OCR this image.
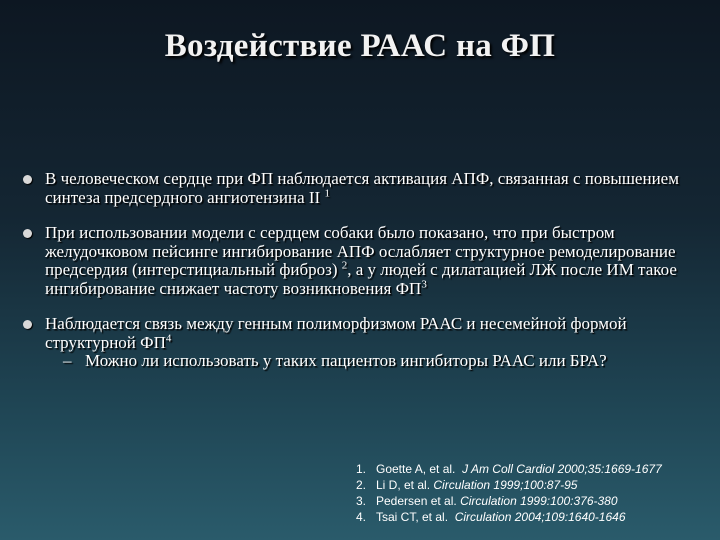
Воздействие РААС на ФП
В человеческом сердце при ФП наблюдается активация АПФ, связанная с повышением синтеза предсердного ангиотензина II $^1$
При использовании модели с сердцем собаки было показано, что при быстром желудочковом пейсинге ингибирование АПФ ослабляет структурное ремоделирование предсердия (интерстициальный фиброз) $^2$, а у людей с дилатацией ЛЖ после ИМ такое ингибирование снижает частоту возникновения $ФП^3$
Наблюдается связь между генным полиморфизмом РААС и несемейной формой структурной $ФП^4$
– Можно ли использовать у таких пациентов ингибиторы РААС или БРА?
1. Goette A, et al. J Am Coll Cardiol 2000;35:1669-1677
2. Li D, et al. Circulation 1999;100:87-95
3. Pedersen et al. Circulation 1999:100:376-380
4. Tsai CT, et al. Circulation 2004;109:1640-1646
